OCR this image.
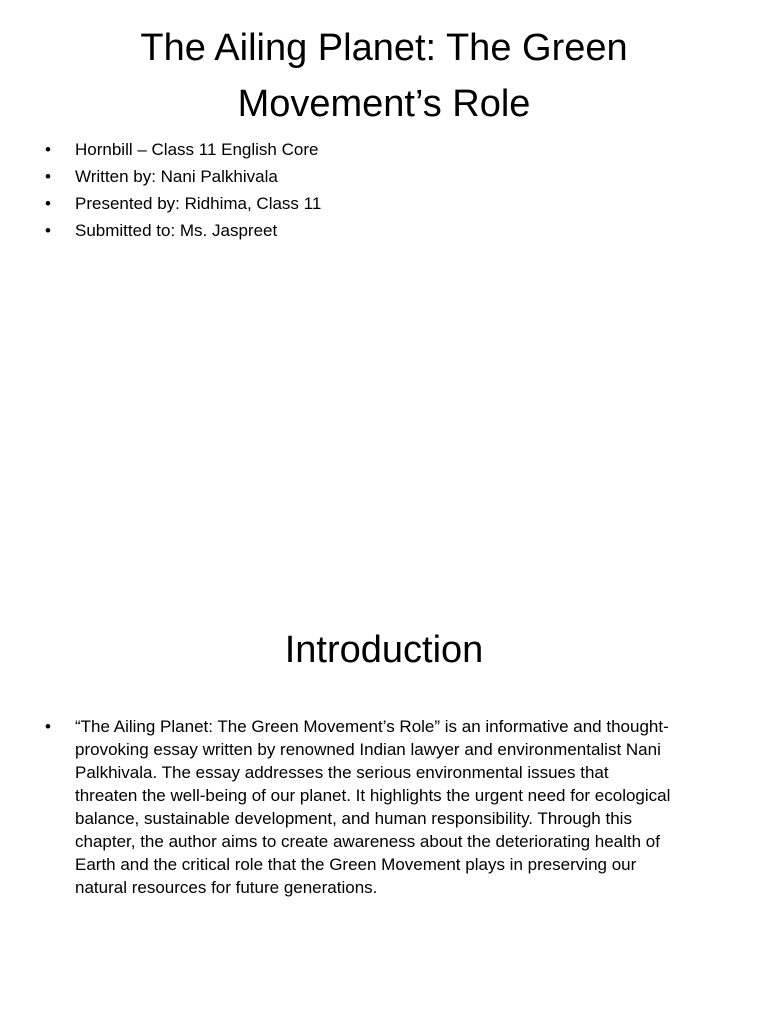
The Ailing Planet: The Green Movement’s Role
• Hornbill – Class 11 English Core
• Written by: Nani Palkhivala
• Presented by: Ridhima, Class 11
• Submitted to: Ms. Jaspreet
Introduction
• “The Ailing Planet: The Green Movement’s Role” is an informative and thought-provoking essay written by renowned Indian lawyer and environmentalist Nani Palkhivala. The essay addresses the serious environmental issues that threaten the well-being of our planet. It highlights the urgent need for ecological balance, sustainable development, and human responsibility. Through this chapter, the author aims to create awareness about the deteriorating health of Earth and the critical role that the Green Movement plays in preserving our natural resources for future generations.
